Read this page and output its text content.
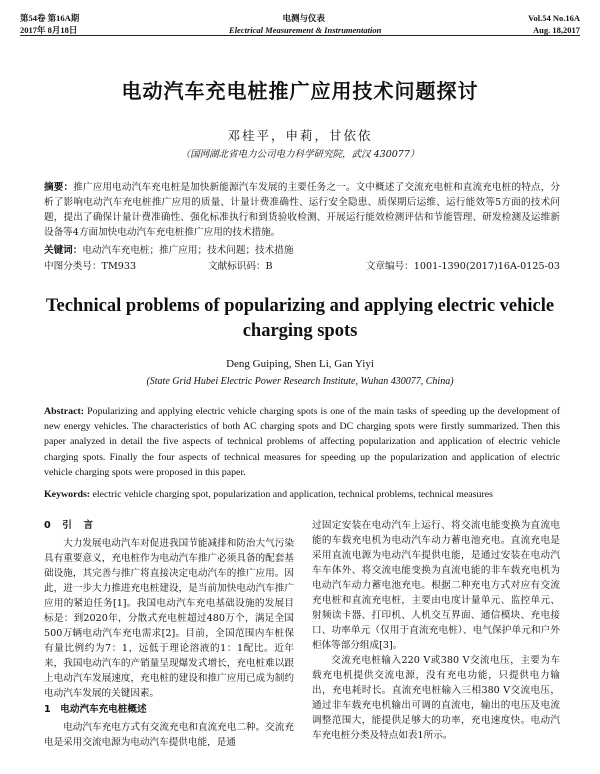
第54卷 第16A期	电测与仪表	Vol.54 No.16A
2017年 8月18日	Electrical Measurement & Instrumentation	Aug. 18,2017
电动汽车充电桩推广应用技术问题探讨
邓桂平，申莉，甘依依
（国网湖北省电力公司电力科学研究院，武汉 430077）
摘要：推广应用电动汽车充电桩是加快新能源汽车发展的主要任务之一。文中概述了交流充电桩和直流充电桩的特点，分析了影响电动汽车充电桩推广应用的质量、计量计费准确性、运行安全隐患、质保期后运维、运行能效等5方面的技术问题，提出了确保计量计费准确性、强化标准执行和到货验收检测、开展运行能效检测评估和节能管理、研发检测及运维新设备等4方面加快电动汽车充电桩推广应用的技术措施。
关键词：电动汽车充电桩；推广应用；技术问题；技术措施
中图分类号：TM933	文献标识码：B	文章编号：1001-1390(2017)16A-0125-03
Technical problems of popularizing and applying electric vehicle charging spots
Deng Guiping, Shen Li, Gan Yiyi
(State Grid Hubei Electric Power Research Institute, Wuhan 430077, China)
Abstract: Popularizing and applying electric vehicle charging spots is one of the main tasks of speeding up the development of new energy vehicles. The characteristics of both AC charging spots and DC charging spots were firstly summarized. Then this paper analyzed in detail the five aspects of technical problems of affecting popularization and application of electric vehicle charging spots. Finally the four aspects of technical measures for speeding up the popularization and application of electric vehicle charging spots were proposed in this paper.
Keywords: electric vehicle charging spot, popularization and application, technical problems, technical measures
0　引　言

大力发展电动汽车对促进我国节能减排和防治大气污染具有重要意义，充电桩作为电动汽车推广必须具备的配套基础设施，其完善与推广将直接决定电动汽车的推广应用。因此，进一步大力推进充电桩建设，是当前加快电动汽车推广应用的紧迫任务[1]。我国电动汽车充电基础设施的发展目标是：到2020年，分散式充电桩超过480万个，满足全国500万辆电动汽车充电需求[2]。目前，全国范围内车桩保有量比例约为7：1，远低于理论溶液的1：1配比。近年来，我国电动汽车的产销量呈现爆发式增长，充电桩难以跟上电动汽车发展速度，充电桩的建设和推广应用已成为制约电动汽车发展的关键因素。

1　电动汽车充电桩概述

电动汽车充电方式有交流充电和直流充电二种。交流充电是采用交流电源为电动汽车提供电能，是通

过固定安装在电动汽车上运行、将交流电能变换为直流电能的车载充电机为电动汽车动力蓄电池充电。直流充电是采用直流电源为电动汽车提供电能，是通过安装在电动汽车车体外、将交流电能变换为直流电能的非车载充电机为电动汽车动力蓄电池充电。根据二种充电方式对应有交流充电桩和直流充电桩，主要由电度计量单元、监控单元、射频读卡器、打印机、人机交互界面、通信模块、充电接口、功率单元（仅用于直流充电桩）、电气保护单元和户外柜体等部分组成[3]。

交流充电桩输入220 V或380 V交流电压，主要为车载充电机提供交流电源，没有充电功能，只提供电力输出，充电耗时长。直流充电桩输入三相380 V交流电压，通过非车载充电机输出可调的直流电，输出的电压及电流调整范围大，能提供足够大的功率，充电速度快。电动汽车充电桩分类及特点如表1所示。
